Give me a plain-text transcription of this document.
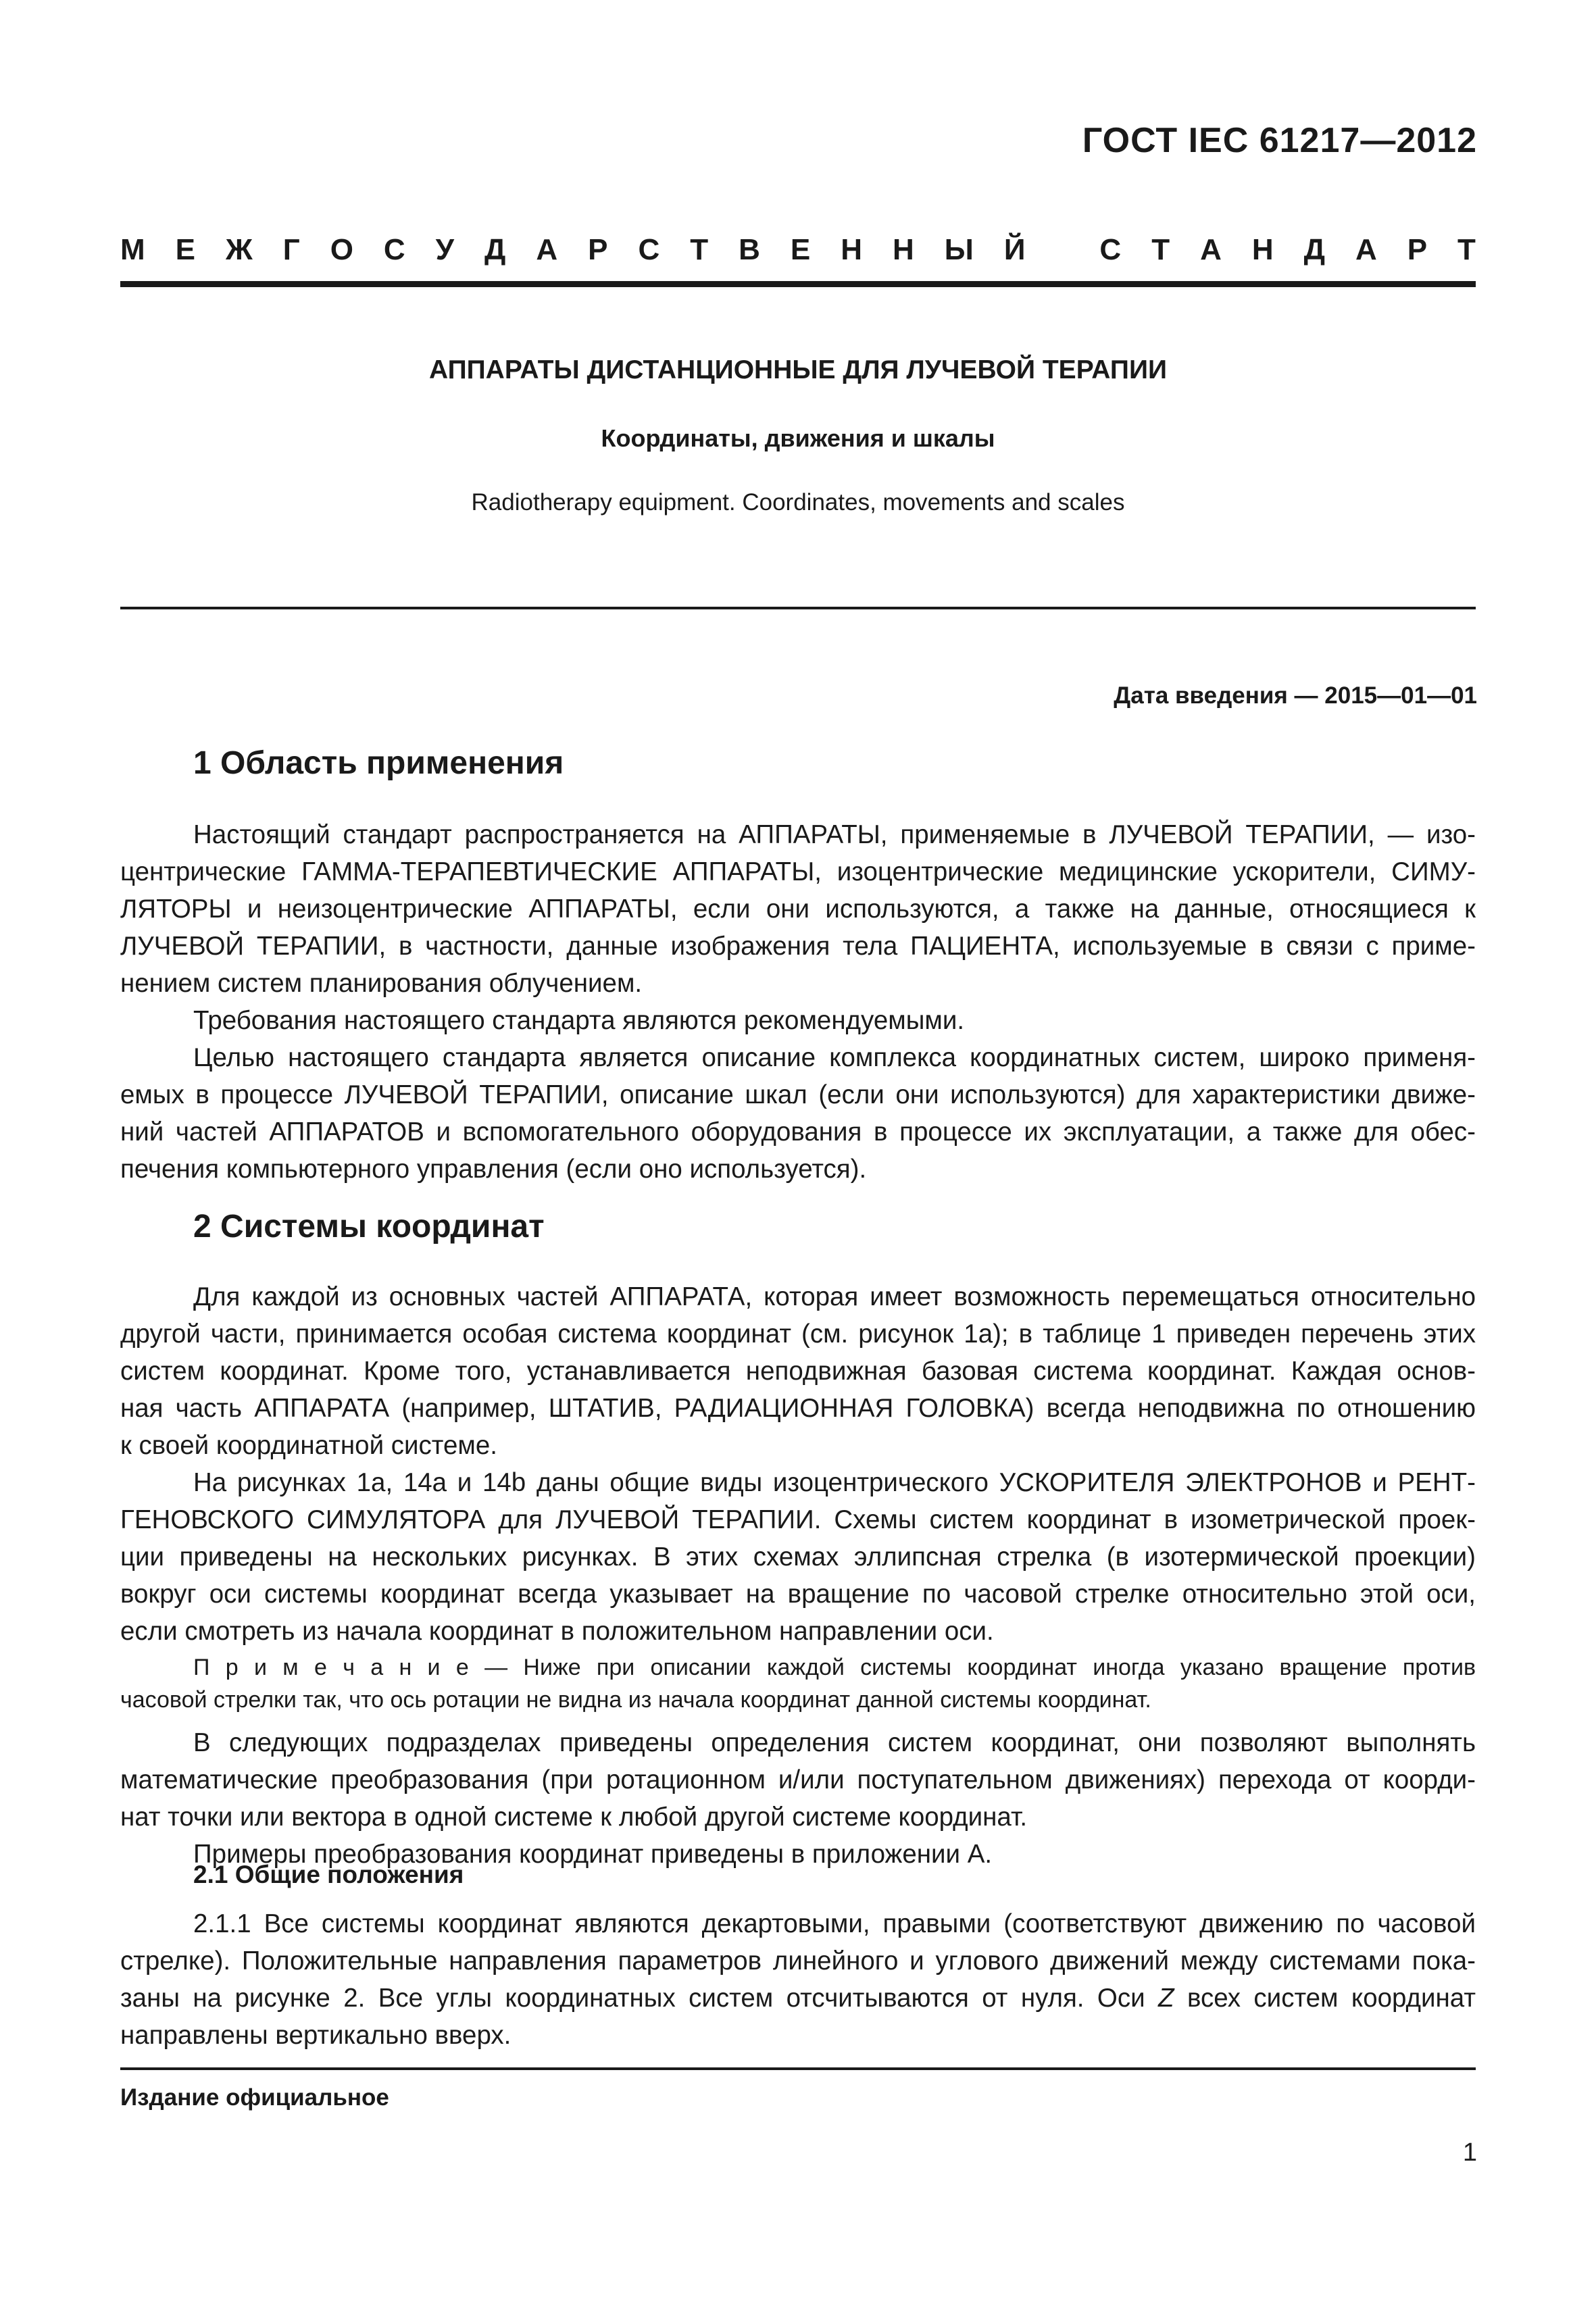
ГОСТ IEC 61217—2012
М Е Ж Г О С У Д А Р С Т В Е Н Н Ы Й С Т А Н Д А Р Т
АППАРАТЫ ДИСТАНЦИОННЫЕ ДЛЯ ЛУЧЕВОЙ ТЕРАПИИ
Координаты, движения и шкалы
Radiotherapy equipment. Coordinates, movements and scales
Дата введения — 2015—01—01
1 Область применения
Настоящий стандарт распространяется на АППАРАТЫ, применяемые в ЛУЧЕВОЙ ТЕРАПИИ, — изо-
центрические ГАММА-ТЕРАПЕВТИЧЕСКИЕ АППАРАТЫ, изоцентрические медицинские ускорители, СИМУ-
ЛЯТОРЫ и неизоцентрические АППАРАТЫ, если они используются, а также на данные, относящиеся к
ЛУЧЕВОЙ ТЕРАПИИ, в частности, данные изображения тела ПАЦИЕНТА, используемые в связи с приме-
нением систем планирования облучением.
Требования настоящего стандарта являются рекомендуемыми.
Целью настоящего стандарта является описание комплекса координатных систем, широко применя-
емых в процессе ЛУЧЕВОЙ ТЕРАПИИ, описание шкал (если они используются) для характеристики движе-
ний частей АППАРАТОВ и вспомогательного оборудования в процессе их эксплуатации, а также для обес-
печения компьютерного управления (если оно используется).
2 Системы координат
Для каждой из основных частей АППАРАТА, которая имеет возможность перемещаться относительно
другой части, принимается особая система координат (см. рисунок 1а); в таблице 1 приведен перечень этих
систем координат. Кроме того, устанавливается неподвижная базовая система координат. Каждая основ-
ная часть АППАРАТА (например, ШТАТИВ, РАДИАЦИОННАЯ ГОЛОВКА) всегда неподвижна по отношению
к своей координатной системе.
На рисунках 1а, 14а и 14b даны общие виды изоцентрического УСКОРИТЕЛЯ ЭЛЕКТРОНОВ и РЕНТ-
ГЕНОВСКОГО СИМУЛЯТОРА для ЛУЧЕВОЙ ТЕРАПИИ. Схемы систем координат в изометрической проек-
ции приведены на нескольких рисунках. В этих схемах эллипсная стрелка (в изотермической проекции)
вокруг оси системы координат всегда указывает на вращение по часовой стрелке относительно этой оси,
если смотреть из начала координат в положительном направлении оси.
П р и м е ч а н и е — Ниже при описании каждой системы координат иногда указано вращение против
часовой стрелки так, что ось ротации не видна из начала координат данной системы координат.
В следующих подразделах приведены определения систем координат, они позволяют выполнять
математические преобразования (при ротационном и/или поступательном движениях) перехода от коорди-
нат точки или вектора в одной системе к любой другой системе координат.
Примеры преобразования координат приведены в приложении А.
2.1 Общие положения
2.1.1 Все системы координат являются декартовыми, правыми (соответствуют движению по часовой
стрелке). Положительные направления параметров линейного и углового движений между системами пока-
заны на рисунке 2. Все углы координатных систем отсчитываются от нуля. Оси Z всех систем координат
направлены вертикально вверх.
Издание официальное
1
